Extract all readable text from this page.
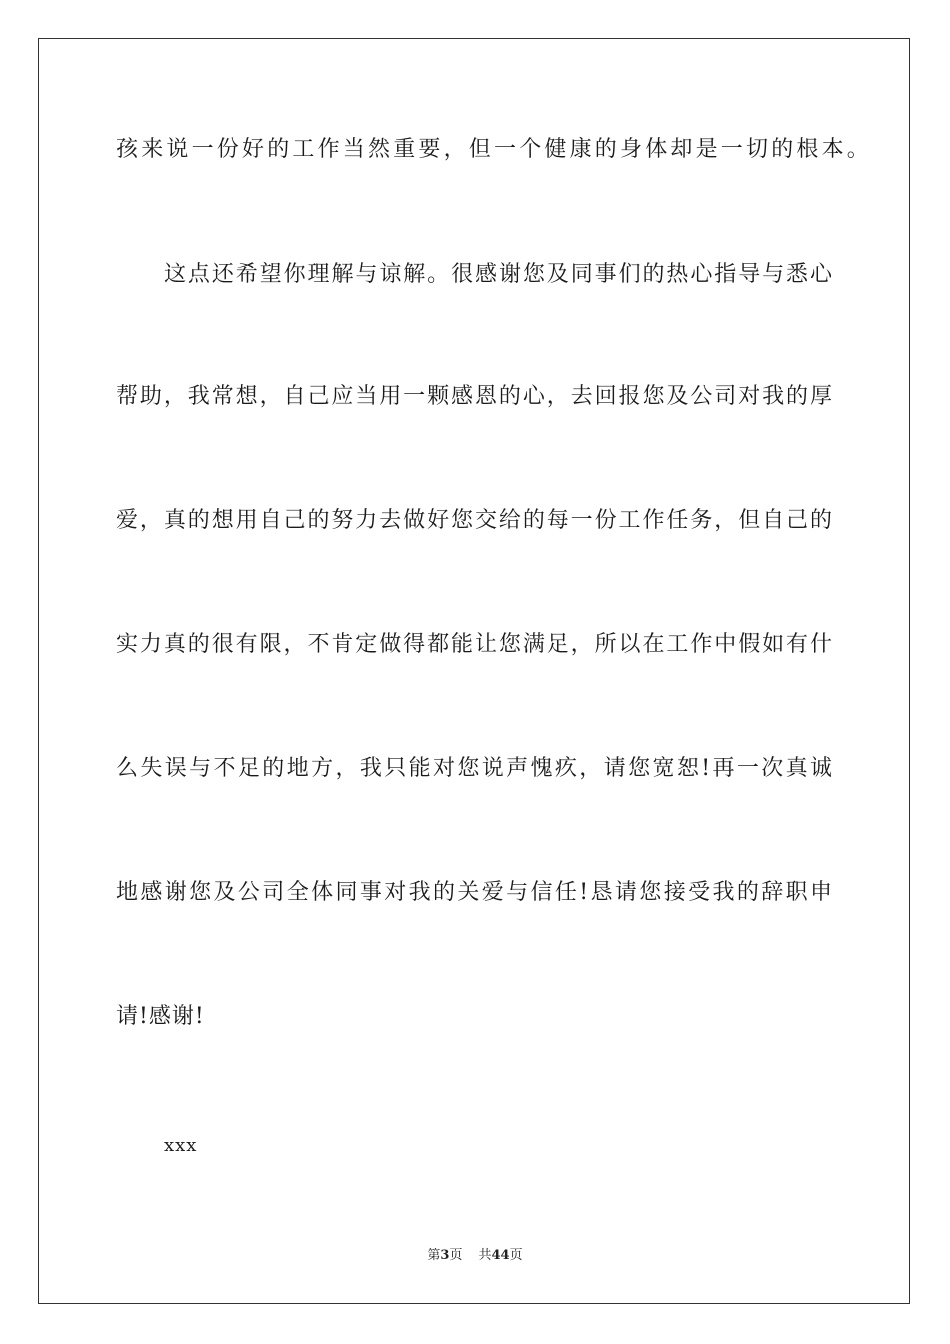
孩来说一份好的工作当然重要，但一个健康的身体却是一切的根本。
这点还希望你理解与谅解。很感谢您及同事们的热心指导与悉心
帮助，我常想，自己应当用一颗感恩的心，去回报您及公司对我的厚
爱，真的想用自己的努力去做好您交给的每一份工作任务，但自己的
实力真的很有限，不肯定做得都能让您满足，所以在工作中假如有什
么失误与不足的地方，我只能对您说声愧疚，请您宽恕!再一次真诚
地感谢您及公司全体同事对我的关爱与信任!恳请您接受我的辞职申
请!感谢!
xxx
第3页 共44页
